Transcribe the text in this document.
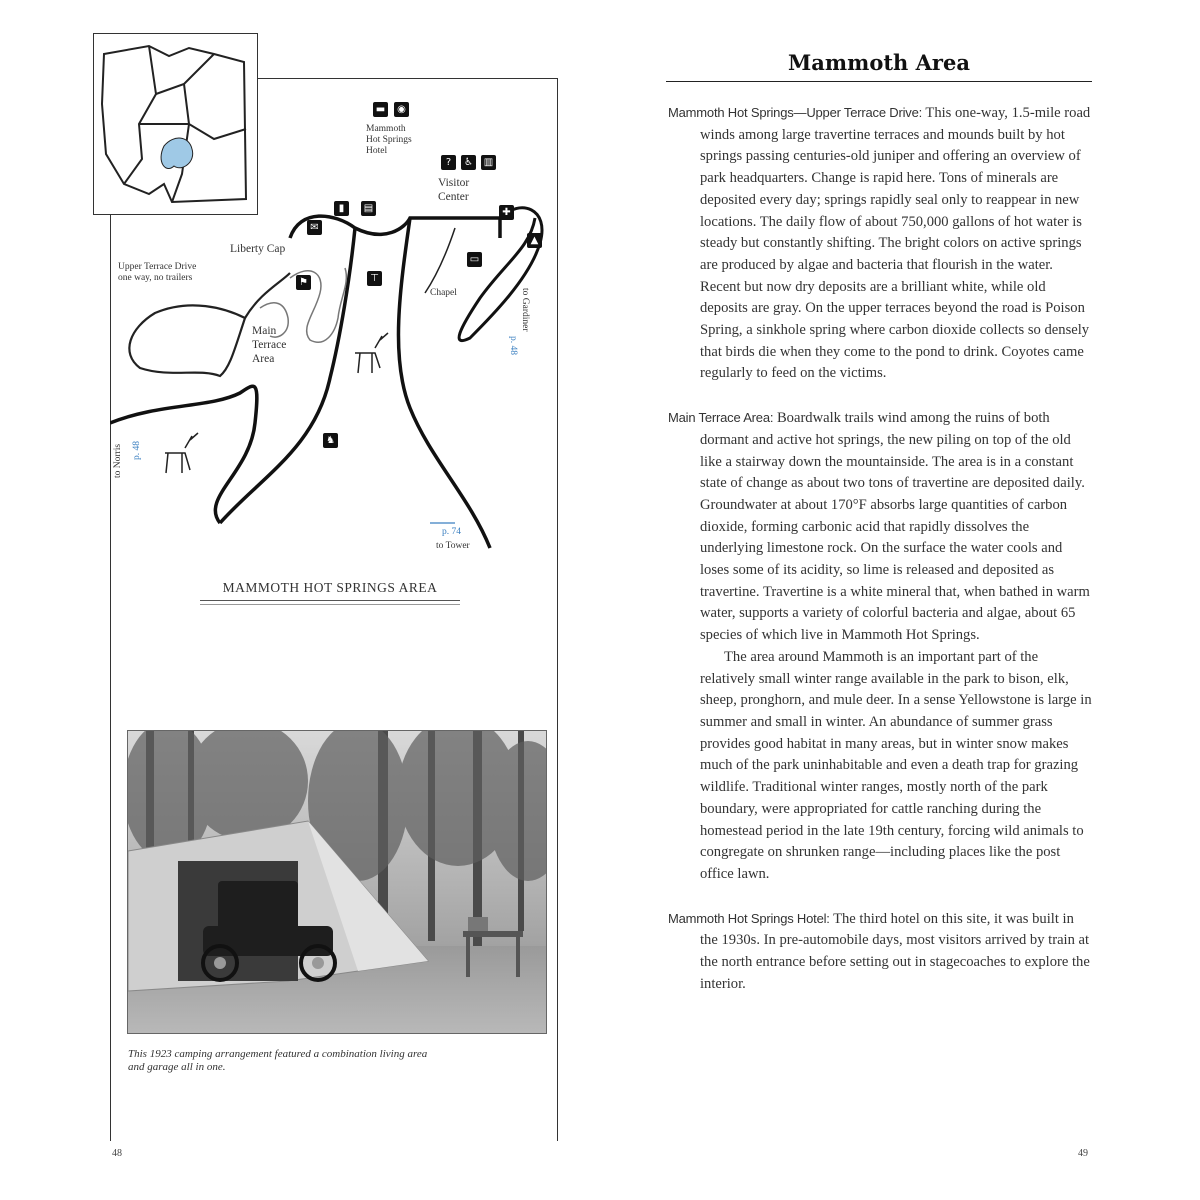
▬	◉
?	♿	▥
✉
▮	▤	✚
▲
▭
⊤
⚑
♞
Mammoth
Hot Springs
Hotel
Visitor
Center
Liberty Cap
Upper Terrace Drive
one way, no trailers
Main
Terrace
Area
Chapel	to Gardiner
p. 48
to Norris p. 48
to Tower
p. 74
MAMMOTH HOT SPRINGS AREA
This 1923 camping arrangement featured a combination living area and garage all in one.
48
Mammoth Area

Mammoth Hot Springs—Upper Terrace Drive: This one-way, 1.5-mile road winds among large travertine terraces and mounds built by hot springs passing centuries-old juniper and offering an overview of park headquarters. Change is rapid here. Tons of minerals are deposited every day; springs rapidly seal only to reappear in new locations. The daily flow of about 750,000 gallons of hot water is steady but constantly shifting. The bright colors on active springs are produced by algae and bacteria that flourish in the water. Recent but now dry deposits are a brilliant white, while old deposits are gray. On the upper terraces beyond the road is Poison Spring, a sinkhole spring where carbon dioxide collects so densely that birds die when they come to the pond to drink. Coyotes came regularly to feed on the victims.

Main Terrace Area: Boardwalk trails wind among the ruins of both dormant and active hot springs, the new piling on top of the old like a stairway down the mountainside. The area is in a constant state of change as about two tons of travertine are deposited daily. Groundwater at about 170°F absorbs large quantities of carbon dioxide, forming carbonic acid that rapidly dissolves the underlying limestone rock. On the surface the water cools and loses some of its acidity, so lime is released and deposited as travertine. Travertine is a white mineral that, when bathed in warm water, supports a variety of colorful bacteria and algae, about 65 species of which live in Mammoth Hot Springs.

The area around Mammoth is an important part of the relatively small winter range available in the park to bison, elk, sheep, pronghorn, and mule deer. In a sense Yellowstone is large in summer and small in winter. An abundance of summer grass provides good habitat in many areas, but in winter snow makes much of the park uninhabitable and even a death trap for grazing wildlife. Traditional winter ranges, mostly north of the park boundary, were appropriated for cattle ranching during the homestead period in the late 19th century, forcing wild animals to congregate on shrunken range—including places like the post office lawn.

Mammoth Hot Springs Hotel: The third hotel on this site, it was built in the 1930s. In pre-automobile days, most visitors arrived by train at the north entrance before setting out in stagecoaches to explore the interior.

49
